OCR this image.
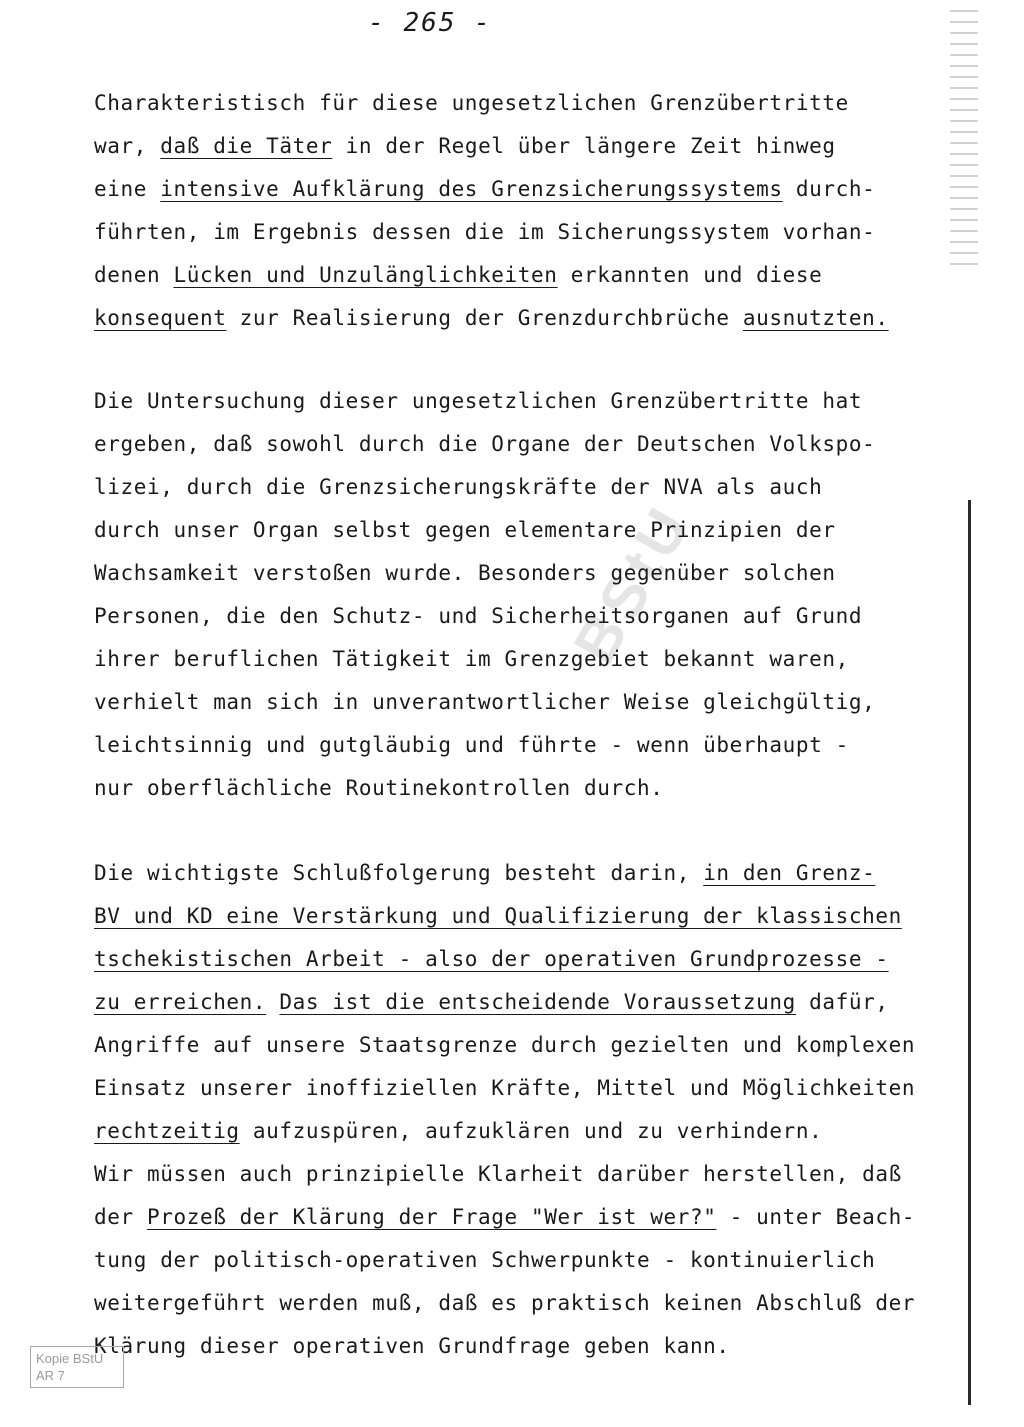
BStU
- 265 -
Charakteristisch für diese ungesetzlichen Grenzübertritte
war, daß die Täter in der Regel über längere Zeit hinweg
eine intensive Aufklärung des Grenzsicherungssystems durch-
führten, im Ergebnis dessen die im Sicherungssystem vorhan-
denen Lücken und Unzulänglichkeiten erkannten und diese
konsequent zur Realisierung der Grenzdurchbrüche ausnutzten.
Die Untersuchung dieser ungesetzlichen Grenzübertritte hat
ergeben, daß sowohl durch die Organe der Deutschen Volkspo-
lizei, durch die Grenzsicherungskräfte der NVA als auch
durch unser Organ selbst gegen elementare Prinzipien der
Wachsamkeit verstoßen wurde. Besonders gegenüber solchen
Personen, die den Schutz- und Sicherheitsorganen auf Grund
ihrer beruflichen Tätigkeit im Grenzgebiet bekannt waren,
verhielt man sich in unverantwortlicher Weise gleichgültig,
leichtsinnig und gutgläubig und führte - wenn überhaupt -
nur oberflächliche Routinekontrollen durch.
Die wichtigste Schlußfolgerung besteht darin, in den Grenz-
BV und KD eine Verstärkung und Qualifizierung der klassischen
tschekistischen Arbeit - also der operativen Grundprozesse -
zu erreichen. Das ist die entscheidende Voraussetzung dafür,
Angriffe auf unsere Staatsgrenze durch gezielten und komplexen
Einsatz unserer inoffiziellen Kräfte, Mittel und Möglichkeiten
rechtzeitig aufzuspüren, aufzuklären und zu verhindern.
Wir müssen auch prinzipielle Klarheit darüber herstellen, daß
der Prozeß der Klärung der Frage "Wer ist wer?" - unter Beach-
tung der politisch-operativen Schwerpunkte - kontinuierlich
weitergeführt werden muß, daß es praktisch keinen Abschluß der
Klärung dieser operativen Grundfrage geben kann.
Kopie BStU
AR 7
